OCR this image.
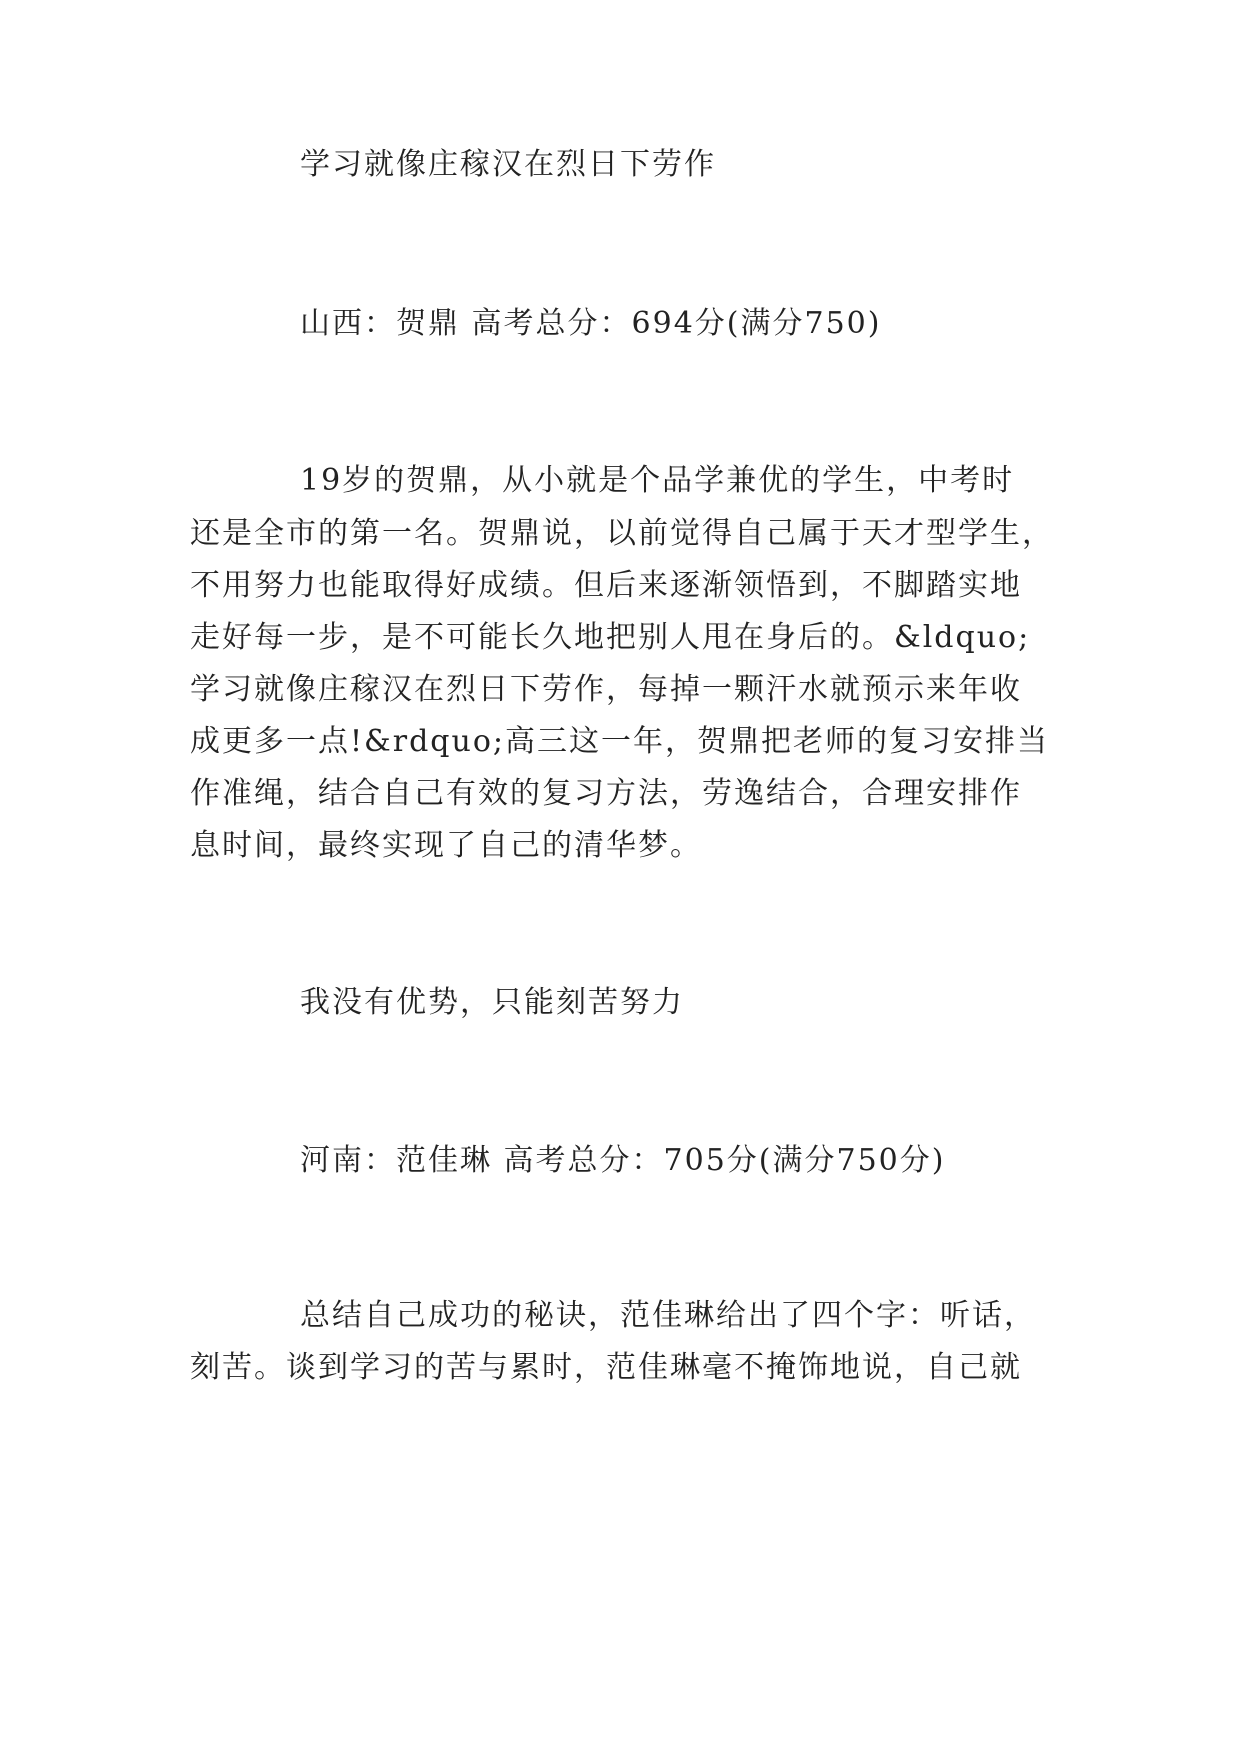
学习就像庄稼汉在烈日下劳作
山西：贺鼎 高考总分：694分(满分750)
19岁的贺鼎，从小就是个品学兼优的学生，中考时
还是全市的第一名。贺鼎说，以前觉得自己属于天才型学生，
不用努力也能取得好成绩。但后来逐渐领悟到，不脚踏实地
走好每一步，是不可能长久地把别人甩在身后的。&ldquo;
学习就像庄稼汉在烈日下劳作，每掉一颗汗水就预示来年收
成更多一点!&rdquo;高三这一年，贺鼎把老师的复习安排当
作准绳，结合自己有效的复习方法，劳逸结合，合理安排作
息时间，最终实现了自己的清华梦。
我没有优势，只能刻苦努力
河南：范佳琳 高考总分：705分(满分750分)
总结自己成功的秘诀，范佳琳给出了四个字：听话，
刻苦。谈到学习的苦与累时，范佳琳毫不掩饰地说，自己就
